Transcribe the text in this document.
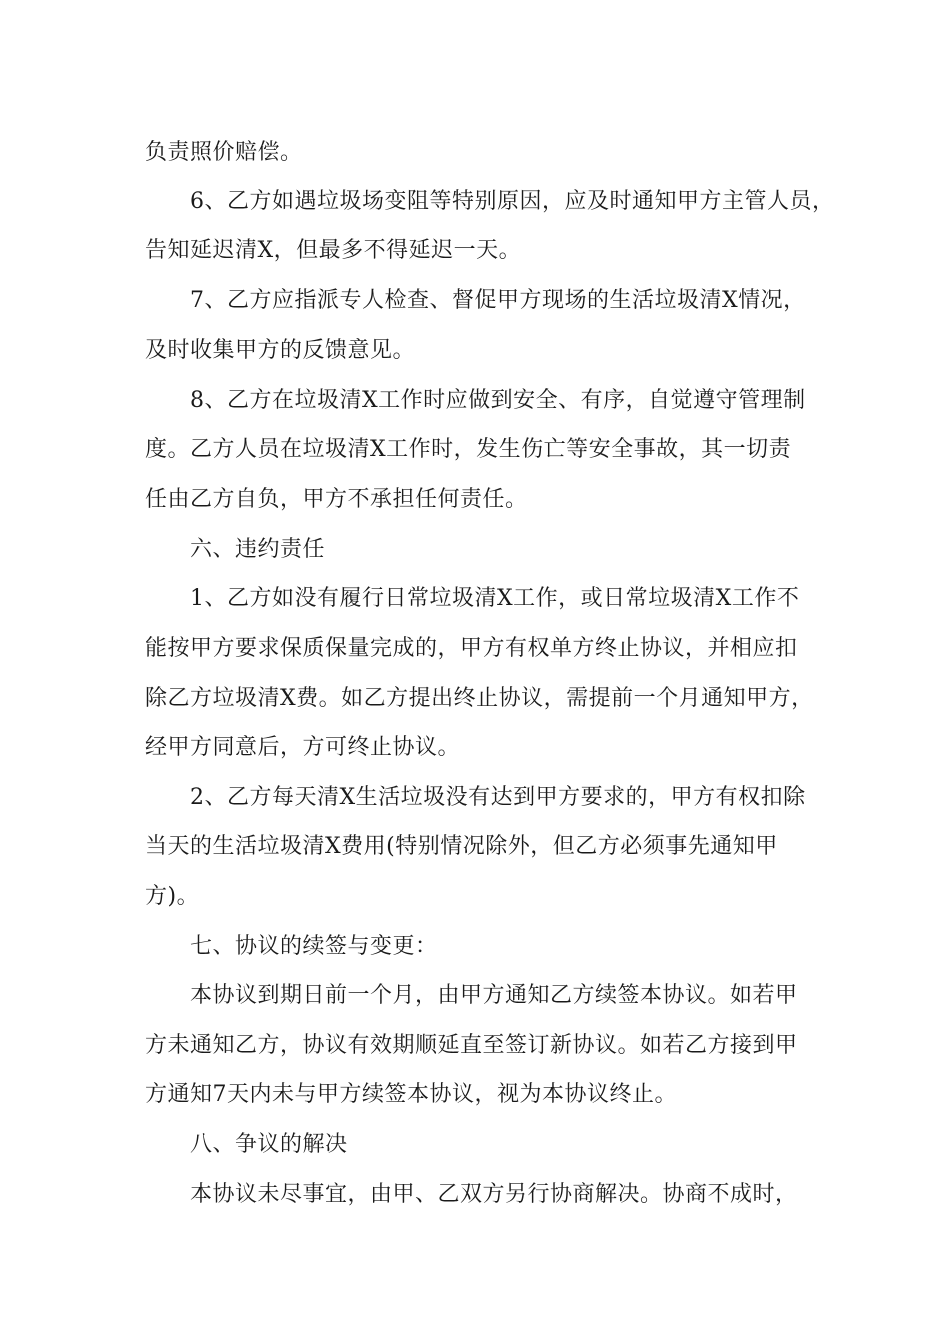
负责照价赔偿。
6、乙方如遇垃圾场变阻等特别原因，应及时通知甲方主管人员，
告知延迟清X，但最多不得延迟一天。
7、乙方应指派专人检查、督促甲方现场的生活垃圾清X情况，
及时收集甲方的反馈意见。
8、乙方在垃圾清X工作时应做到安全、有序，自觉遵守管理制
度。乙方人员在垃圾清X工作时，发生伤亡等安全事故，其一切责
任由乙方自负，甲方不承担任何责任。
六、违约责任
1、乙方如没有履行日常垃圾清X工作，或日常垃圾清X工作不
能按甲方要求保质保量完成的，甲方有权单方终止协议，并相应扣
除乙方垃圾清X费。如乙方提出终止协议，需提前一个月通知甲方，
经甲方同意后，方可终止协议。
2、乙方每天清X生活垃圾没有达到甲方要求的，甲方有权扣除
当天的生活垃圾清X费用(特别情况除外，但乙方必须事先通知甲
方)。
七、协议的续签与变更：
本协议到期日前一个月，由甲方通知乙方续签本协议。如若甲
方未通知乙方，协议有效期顺延直至签订新协议。如若乙方接到甲
方通知7天内未与甲方续签本协议，视为本协议终止。
八、争议的解决
本协议未尽事宜，由甲、乙双方另行协商解决。协商不成时，
